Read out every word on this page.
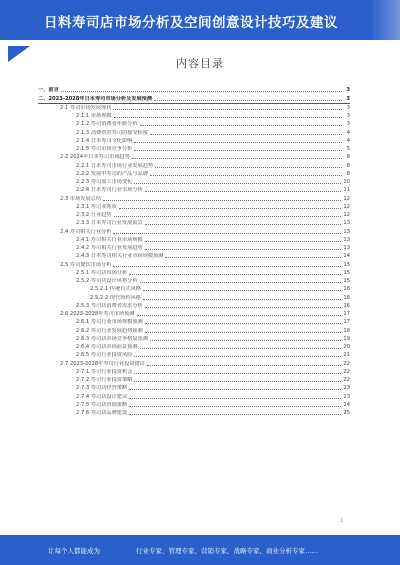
日料寿司店市场分析及空间创意设计技巧及建议
内容目录
一、前言	3
二、2023-2028年日本寿司市场分析及发展预测	3
2.1 寿司市场发展现状	3
2.1.1 市场规模	3
2.1.2 寿司消费者年龄分析	3
2.1.3 消费者对寿司的接受程度	4
2.1.4 日本寿司文化影响	4
2.1.5 寿司市场竞争分析	5
2.2 2024年日本寿司市场趋势	8
2.2.1 日本寿司市场行业发展趋势	8
2.2.2 发展中寿司的产品与品牌	8
2.2.3 寿司加工市场变化	10
2.2.4 日本寿司行业市场分析	11
2.3 市场发展总结	12
2.3.1 寿司业现状	12
2.3.2 行业趋势	12
2.3.3 日本寿司行业发展前景	13
2.4 寿司相关行业分析	13
2.4.1 寿司相关行业市场规模	13
2.4.2 寿司相关行业发展趋势	13
2.4.3 日本寿司相关行业市场规模预测	14
2.5 寿司餐饮市场分析	15
2.5.1 寿司店市场分析	15
2.5.2 寿司店设计风格分析	15
2.5.2.1 传统日式风格	16
2.5.2.2 现代简约风格	16
2.5.3 寿司店消费者需求分析	16
2.6 2023-2028年寿司市场预测	17
2.6.1 寿司行业市场规模预测	17
2.6.2 寿司行业发展趋势预测	18
2.6.3 寿司店市场竞争格局预测	19
2.6.4 寿司店市场前景预测	20
2.6.5 寿司行业投资风险	21
2.7 2023-2028年寿司行业投资建议	22
2.7.1 寿司行业投资机会	22
2.7.2 寿司行业投资策略	22
2.7.3 寿司店经营策略	23
2.7.4 寿司店设计建议	23
2.7.5 寿司店营销策略	24
2.7.6 寿司店品牌建设	25
1
让每个人都能成为	行业专家、管理专家、营销专家、战略专家、商业分析专家……
